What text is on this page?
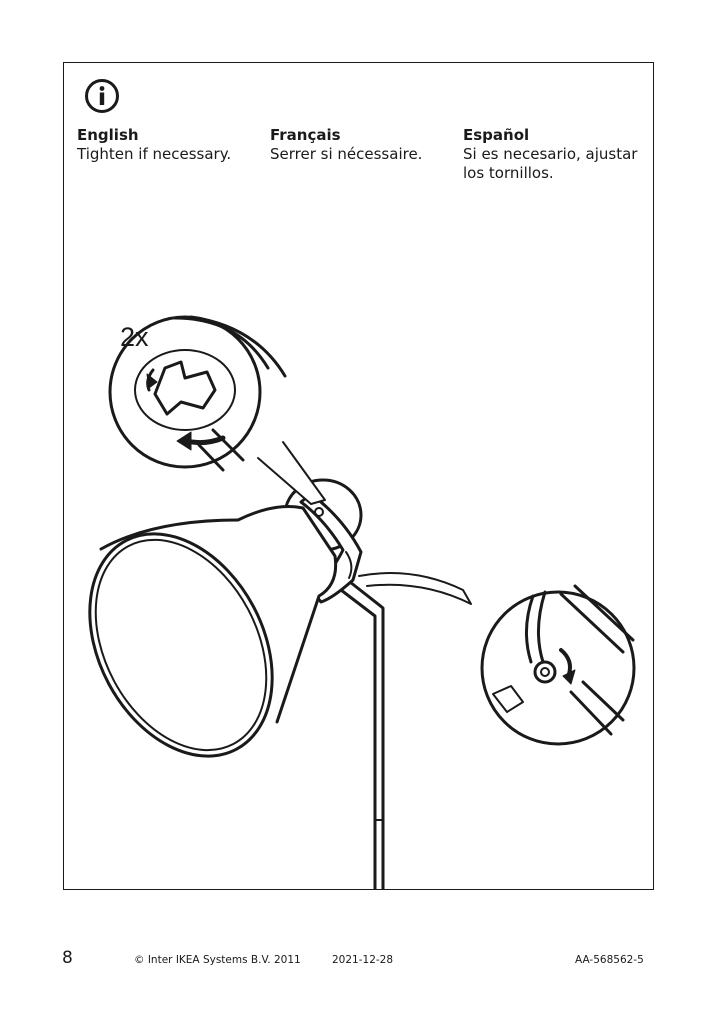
English
Tighten if necessary.
Français
Serrer si nécessaire.
Español
Si es necesario, ajustar los tornillos.
2x
8	© Inter IKEA Systems B.V. 2011	2021-12-28	AA-568562-5
